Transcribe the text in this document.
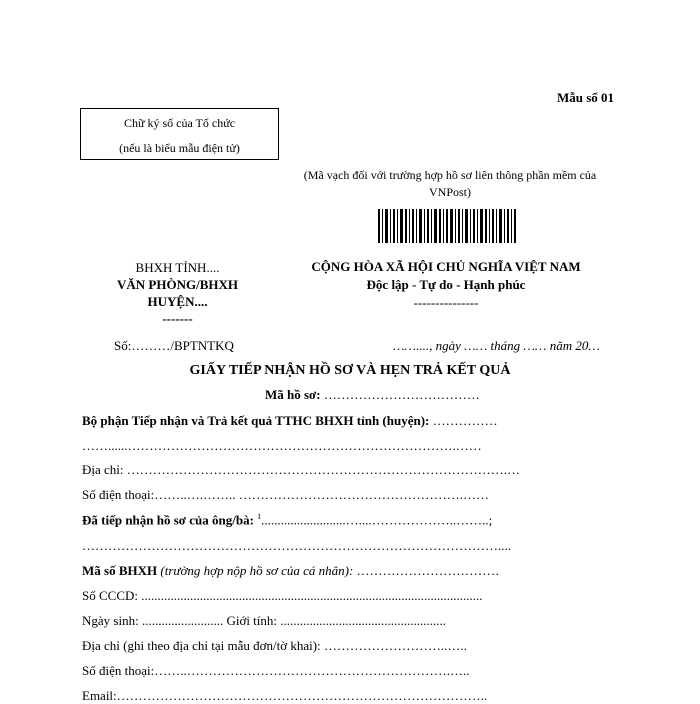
Mẫu số 01
Chữ ký số của Tổ chức
(nếu là biểu mẫu điện tử)
(Mã vạch đối với trường hợp hồ sơ liên thông phần mềm của VNPost)
BHXH TỈNH....
VĂN PHÒNG/BHXH
HUYỆN....
-------
CỘNG HÒA XÃ HỘI CHỦ NGHĨA VIỆT NAM
Độc lập - Tự do - Hạnh phúc
---------------
Số:………/BPTNTKQ	……...., ngày …… tháng …… năm 20…
GIẤY TIẾP NHẬN HỒ SƠ VÀ HẸN TRẢ KẾT QUẢ
Mã hồ sơ: ………………………………
Bộ phận Tiếp nhận và Trả kết quả TTHC BHXH tỉnh (huyện): ……………
……......………………………………………………………………….……
Địa chỉ: …………………………………………………………………………….…
Số điện thoại:……..….…….. …………………………………………….……
Đã tiếp nhận hồ sơ của ông/bà: $^1$..........................…....………………..……..;
……………………………………………………………………………………....
Mã số BHXH (trường hợp nộp hồ sơ của cá nhân): ……………………………
Số CCCD: .........................................................................................................
Ngày sinh: ......................... Giới tính: ...................................................
Địa chỉ (ghi theo địa chỉ tại mẫu đơn/tờ khai): ………………………..…..
Số điện thoại:……..…………………………………………………….…..
Email:…………………………………………………………………………..
